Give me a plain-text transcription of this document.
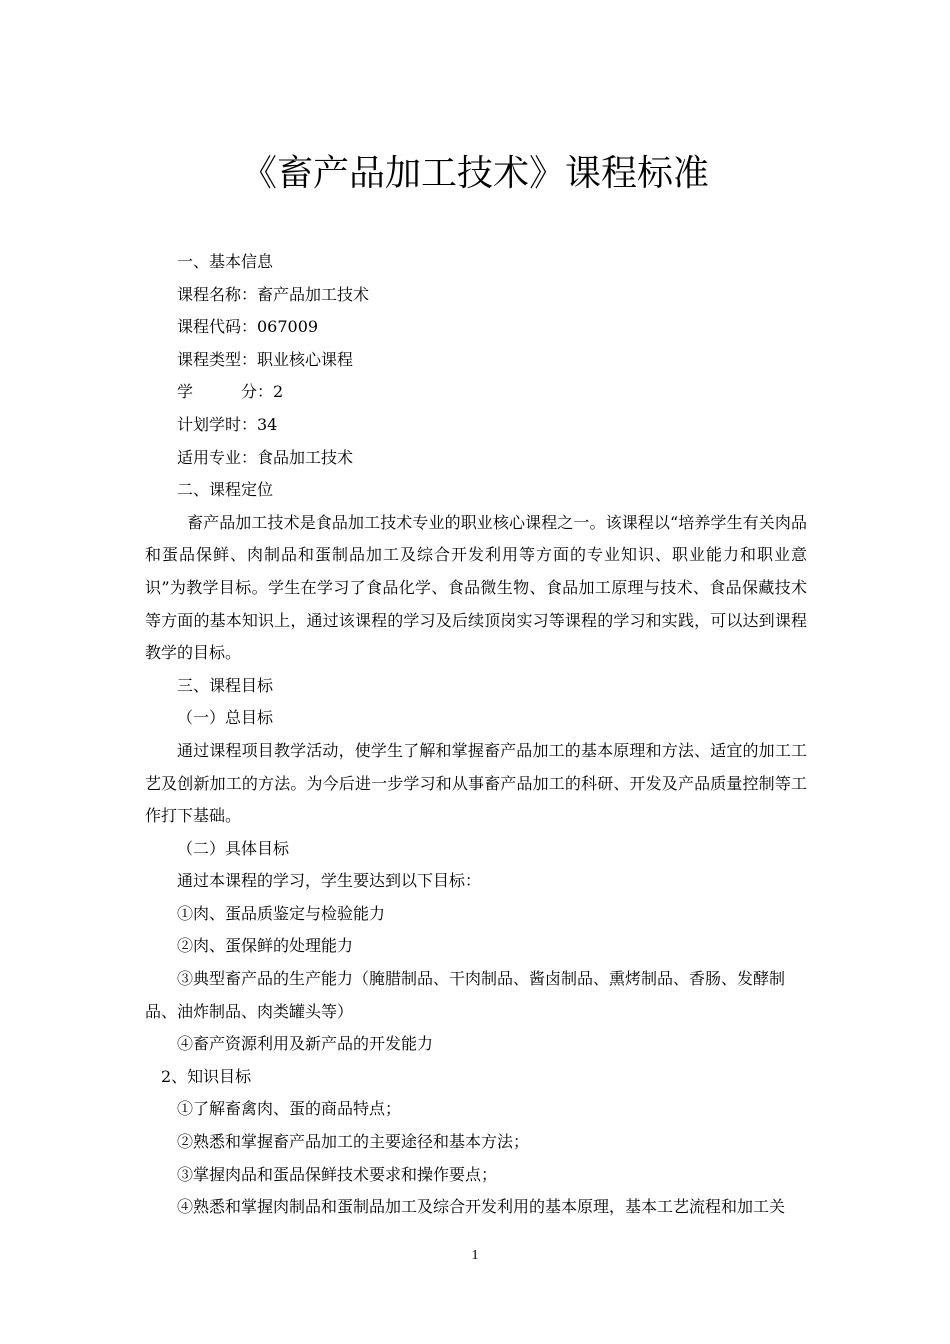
《畜产品加工技术》课程标准

一、基本信息

课程名称：畜产品加工技术

课程代码：067009

课程类型：职业核心课程

学	分：2

计划学时：34

适用专业：食品加工技术

二、课程定位

畜产品加工技术是食品加工技术专业的职业核心课程之一。该课程以“培养学生有关肉品和蛋品保鲜、肉制品和蛋制品加工及综合开发利用等方面的专业知识、职业能力和职业意识”为教学目标。学生在学习了食品化学、食品微生物、食品加工原理与技术、食品保藏技术等方面的基本知识上，通过该课程的学习及后续顶岗实习等课程的学习和实践，可以达到课程教学的目标。

三、课程目标

（一）总目标

通过课程项目教学活动，使学生了解和掌握畜产品加工的基本原理和方法、适宜的加工工艺及创新加工的方法。为今后进一步学习和从事畜产品加工的科研、开发及产品质量控制等工作打下基础。

（二）具体目标

通过本课程的学习，学生要达到以下目标：

①肉、蛋品质鉴定与检验能力

②肉、蛋保鲜的处理能力

③典型畜产品的生产能力（腌腊制品、干肉制品、酱卤制品、熏烤制品、香肠、发酵制品、油炸制品、肉类罐头等）

④畜产资源利用及新产品的开发能力

2、知识目标

①了解畜禽肉、蛋的商品特点；

②熟悉和掌握畜产品加工的主要途径和基本方法；

③掌握肉品和蛋品保鲜技术要求和操作要点；

④熟悉和掌握肉制品和蛋制品加工及综合开发利用的基本原理，基本工艺流程和加工关

1
